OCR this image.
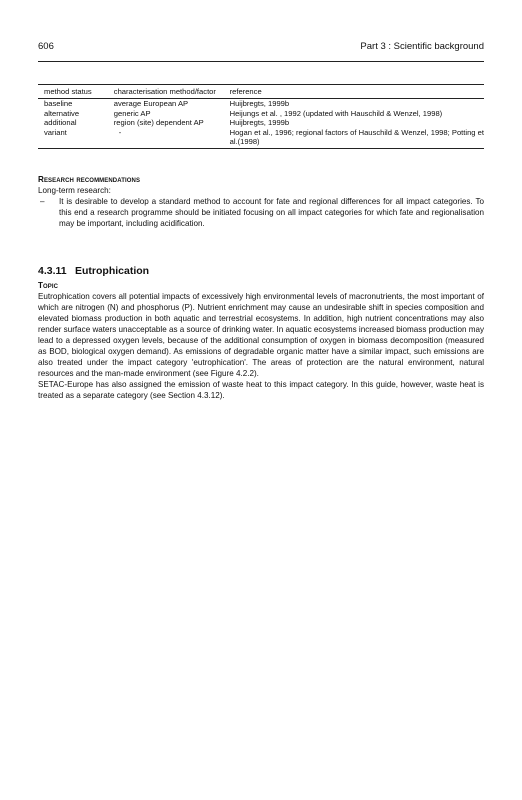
606	Part 3 : Scientific background
method status	characterisation method/factor	reference
baseline	average European AP	Huijbregts, 1999b
alternative	generic AP	Heijungs et al. , 1992 (updated with Hauschild & Wenzel, 1998)
additional	region (site) dependent AP	Huijbregts, 1999b
variant	-	Hogan et al., 1996; regional factors of Hauschild & Wenzel, 1998; Potting et al.(1998)
Research recommendations
Long-term research:
– It is desirable to develop a standard method to account for fate and regional differences for all impact categories. To this end a research programme should be initiated focusing on all impact categories for which fate and regionalisation may be important, including acidification.
4.3.11 Eutrophication
Topic

Eutrophication covers all potential impacts of excessively high environmental levels of macronutrients, the most important of which are nitrogen (N) and phosphorus (P). Nutrient enrichment may cause an undesirable shift in species composition and elevated biomass production in both aquatic and terrestrial ecosystems. In addition, high nutrient concentrations may also render surface waters unacceptable as a source of drinking water. In aquatic ecosystems increased biomass production may lead to a depressed oxygen levels, because of the additional consumption of oxygen in biomass decomposition (measured as BOD, biological oxygen demand). As emissions of degradable organic matter have a similar impact, such emissions are also treated under the impact category 'eutrophication'. The areas of protection are the natural environment, natural resources and the man-made environment (see Figure 4.2.2).

SETAC-Europe has also assigned the emission of waste heat to this impact category. In this guide, however, waste heat is treated as a separate category (see Section 4.3.12).
